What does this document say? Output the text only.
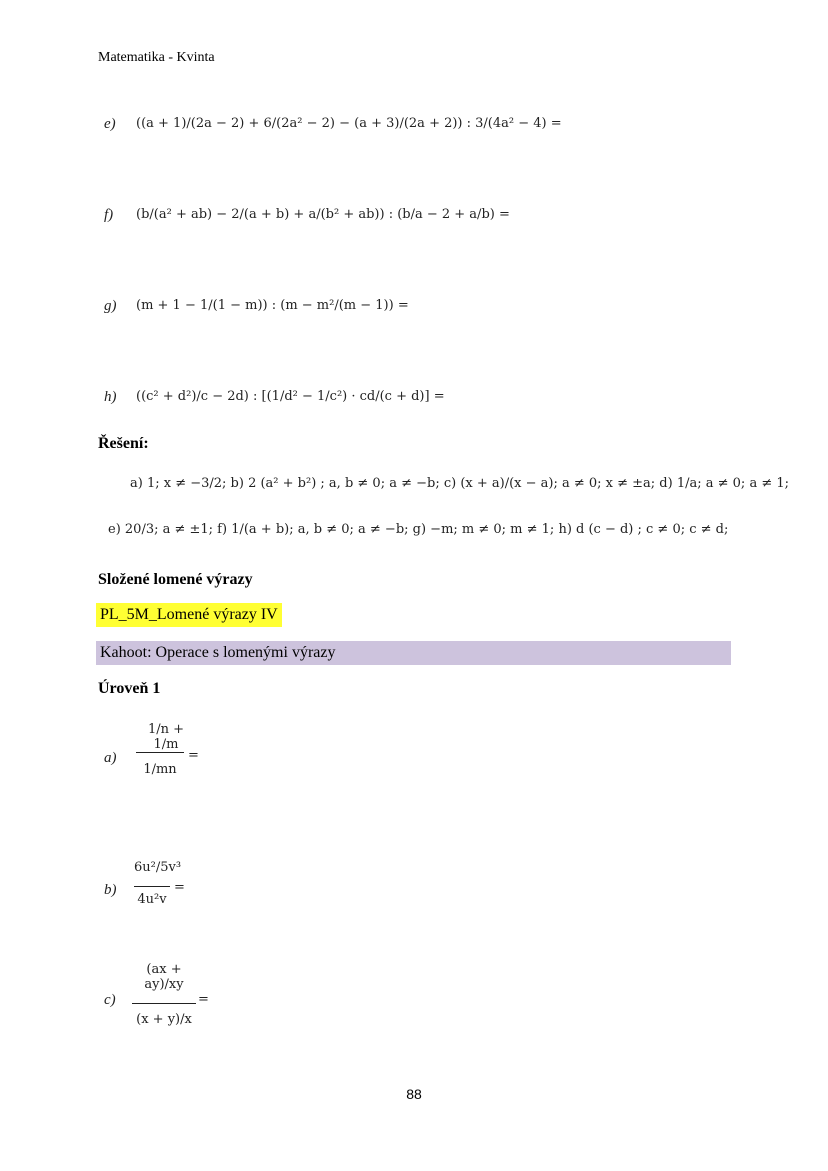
Matematika - Kvinta
e) ((a + 1)/(2a − 2) + 6/(2a² − 2) − (a + 3)/(2a + 2)) : 3/(4a² − 4) =
f) (b/(a² + ab) − 2/(a + b) + a/(b² + ab)) : (b/a − 2 + a/b) =
g) (m + 1 − 1/(1 − m)) : (m − m²/(m − 1)) =
h) ((c² + d²)/c − 2d) : [(1/d² − 1/c²) · cd/(c + d)] =
Řešení:
a) 1; x ≠ −3/2; b) 2 (a² + b²) ; a, b ≠ 0; a ≠ −b; c) (x + a)/(x − a); a ≠ 0; x ≠ ±a; d) 1/a; a ≠ 0; a ≠ 1;
e) 20/3; a ≠ ±1; f) 1/(a + b); a, b ≠ 0; a ≠ −b; g) −m; m ≠ 0; m ≠ 1; h) d (c − d) ; c ≠ 0; c ≠ d;
Složené lomené výrazy
PL_5M_Lomené výrazy IV
Kahoot: Operace s lomenými výrazy
Úroveň 1
a)
1/n + 1/m
1/mn
=
b)
6u²/5v³
4u²v
=
c)
(ax + ay)/xy
(x + y)/x
=
88
